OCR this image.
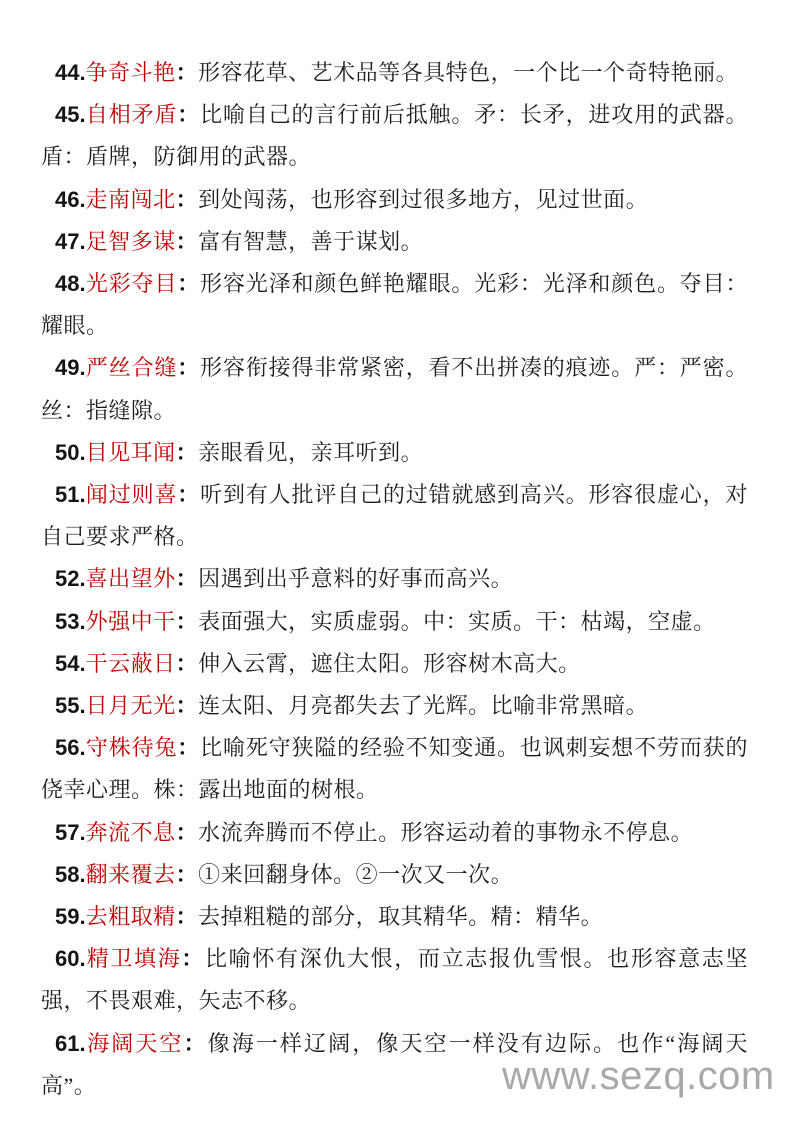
44.争奇斗艳：形容花草、艺术品等各具特色，一个比一个奇特艳丽。

45.自相矛盾：比喻自己的言行前后抵触。矛：长矛，进攻用的武器。盾：盾牌，防御用的武器。

46.走南闯北：到处闯荡，也形容到过很多地方，见过世面。

47.足智多谋：富有智慧，善于谋划。

48.光彩夺目：形容光泽和颜色鲜艳耀眼。光彩：光泽和颜色。夺目：耀眼。

49.严丝合缝：形容衔接得非常紧密，看不出拼凑的痕迹。严：严密。丝：指缝隙。

50.目见耳闻：亲眼看见，亲耳听到。

51.闻过则喜：听到有人批评自己的过错就感到高兴。形容很虚心，对自己要求严格。

52.喜出望外：因遇到出乎意料的好事而高兴。

53.外强中干：表面强大，实质虚弱。中：实质。干：枯竭，空虚。

54.干云蔽日：伸入云霄，遮住太阳。形容树木高大。

55.日月无光：连太阳、月亮都失去了光辉。比喻非常黑暗。

56.守株待兔：比喻死守狭隘的经验不知变通。也讽刺妄想不劳而获的侥幸心理。株：露出地面的树根。

57.奔流不息：水流奔腾而不停止。形容运动着的事物永不停息。

58.翻来覆去：①来回翻身体。②一次又一次。

59.去粗取精：去掉粗糙的部分，取其精华。精：精华。

60.精卫填海：比喻怀有深仇大恨，而立志报仇雪恨。也形容意志坚强，不畏艰难，矢志不移。

61.海阔天空：像海一样辽阔，像天空一样没有边际。也作“海阔天高”。	www.sezq.com
